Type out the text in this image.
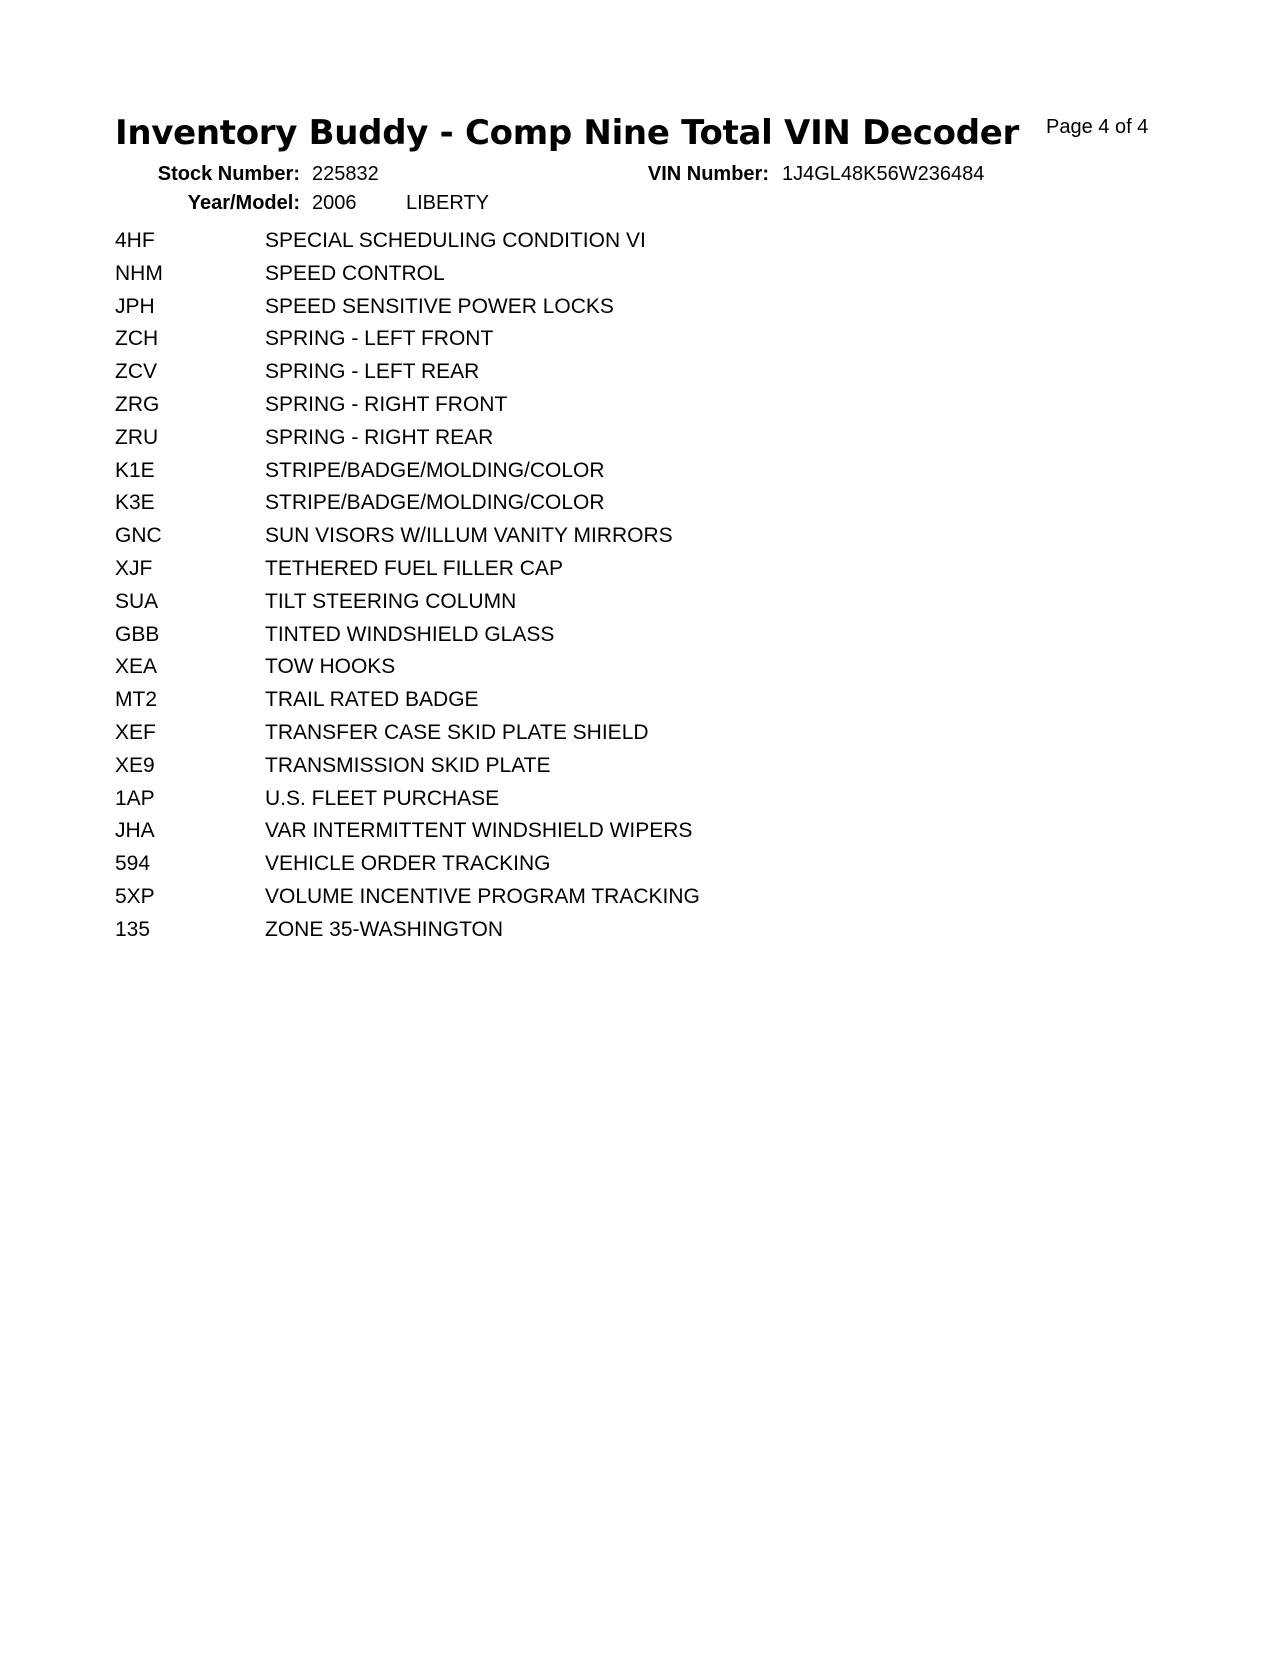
Inventory Buddy - Comp Nine Total VIN Decoder Page 4 of 4
Stock Number: 225832
Year/Model: 2006 LIBERTY
VIN Number: 1J4GL48K56W236484
4HF	SPECIAL SCHEDULING CONDITION VI
NHM	SPEED CONTROL
JPH	SPEED SENSITIVE POWER LOCKS
ZCH	SPRING - LEFT FRONT
ZCV	SPRING - LEFT REAR
ZRG	SPRING - RIGHT FRONT
ZRU	SPRING - RIGHT REAR
K1E	STRIPE/BADGE/MOLDING/COLOR
K3E	STRIPE/BADGE/MOLDING/COLOR
GNC	SUN VISORS W/ILLUM VANITY MIRRORS
XJF	TETHERED FUEL FILLER CAP
SUA	TILT STEERING COLUMN
GBB	TINTED WINDSHIELD GLASS
XEA	TOW HOOKS
MT2	TRAIL RATED BADGE
XEF	TRANSFER CASE SKID PLATE SHIELD
XE9	TRANSMISSION SKID PLATE
1AP	U.S. FLEET PURCHASE
JHA	VAR INTERMITTENT WINDSHIELD WIPERS
594	VEHICLE ORDER TRACKING
5XP	VOLUME INCENTIVE PROGRAM TRACKING
135	ZONE 35-WASHINGTON
